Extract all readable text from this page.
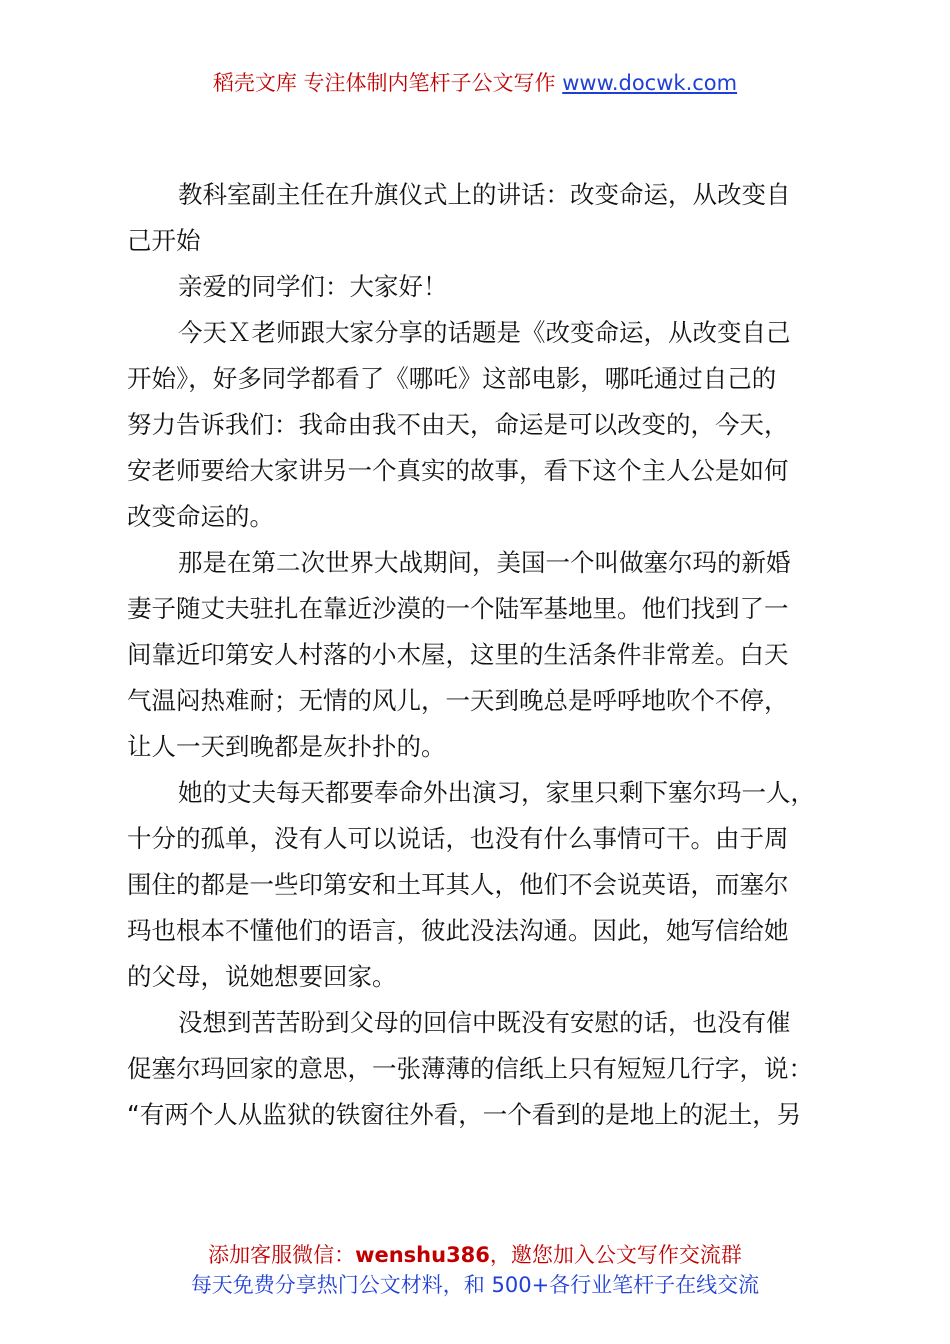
稻壳文库 专注体制内笔杆子公文写作 www.docwk.com
教科室副主任在升旗仪式上的讲话：改变命运，从改变自
己开始
亲爱的同学们：大家好！
今天Ｘ老师跟大家分享的话题是《改变命运，从改变自己
开始》，好多同学都看了《哪吒》这部电影，哪吒通过自己的
努力告诉我们：我命由我不由天，命运是可以改变的，今天，
安老师要给大家讲另一个真实的故事，看下这个主人公是如何
改变命运的。
那是在第二次世界大战期间，美国一个叫做塞尔玛的新婚
妻子随丈夫驻扎在靠近沙漠的一个陆军基地里。他们找到了一
间靠近印第安人村落的小木屋，这里的生活条件非常差。白天
气温闷热难耐；无情的风儿，一天到晚总是呼呼地吹个不停，
让人一天到晚都是灰扑扑的。
她的丈夫每天都要奉命外出演习，家里只剩下塞尔玛一人，
十分的孤单，没有人可以说话，也没有什么事情可干。由于周
围住的都是一些印第安和土耳其人，他们不会说英语，而塞尔
玛也根本不懂他们的语言，彼此没法沟通。因此，她写信给她
的父母，说她想要回家。
没想到苦苦盼到父母的回信中既没有安慰的话，也没有催
促塞尔玛回家的意思，一张薄薄的信纸上只有短短几行字，说：
“有两个人从监狱的铁窗往外看，一个看到的是地上的泥土，另
添加客服微信：wenshu386，邀您加入公文写作交流群
每天免费分享热门公文材料，和 500+各行业笔杆子在线交流
